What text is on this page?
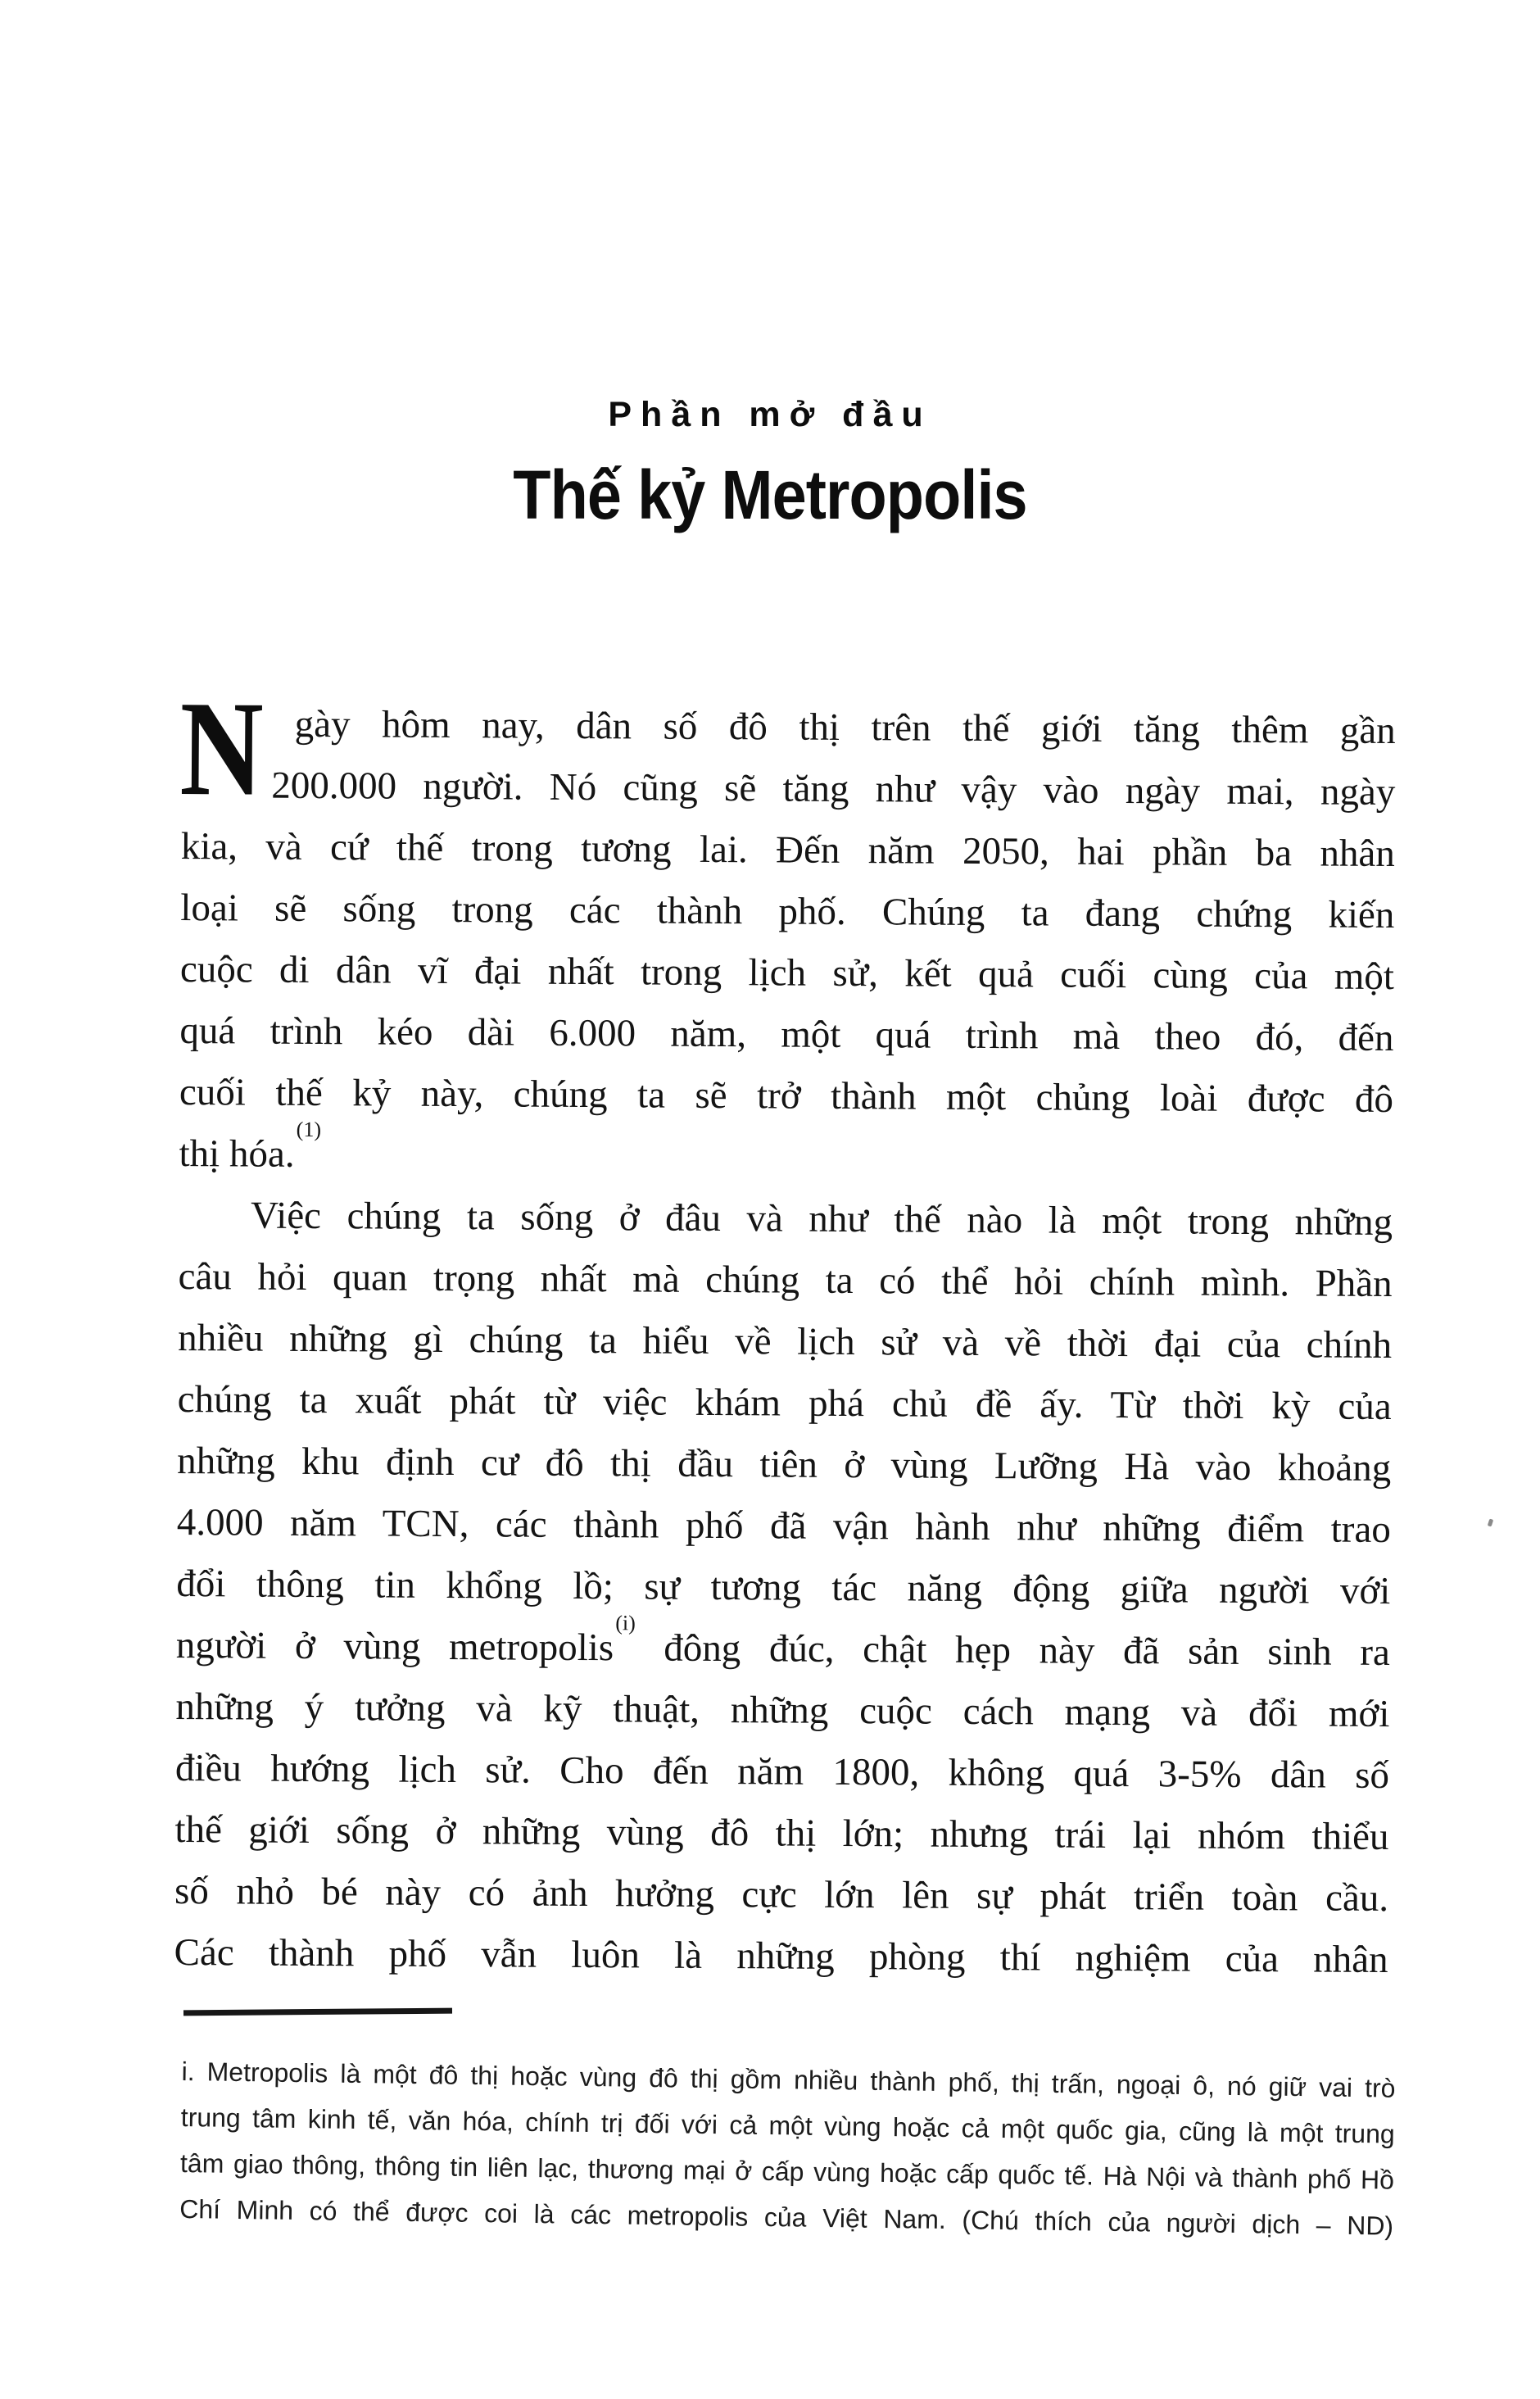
Phần mở đầu
Thế kỷ Metropolis
N gày hôm nay, dân số đô thị trên thế giới tăng thêm gần
200.000 người. Nó cũng sẽ tăng như vậy vào ngày mai, ngày
kia, và cứ thế trong tương lai. Đến năm 2050, hai phần ba nhân
loại sẽ sống trong các thành phố. Chúng ta đang chứng kiến
cuộc di dân vĩ đại nhất trong lịch sử, kết quả cuối cùng của một
quá trình kéo dài 6.000 năm, một quá trình mà theo đó, đến
cuối thế kỷ này, chúng ta sẽ trở thành một chủng loài được đô
thị hóa.$^{(1)}$
Việc chúng ta sống ở đâu và như thế nào là một trong những
câu hỏi quan trọng nhất mà chúng ta có thể hỏi chính mình. Phần
nhiều những gì chúng ta hiểu về lịch sử và về thời đại của chính
chúng ta xuất phát từ việc khám phá chủ đề ấy. Từ thời kỳ của
những khu định cư đô thị đầu tiên ở vùng Lưỡng Hà vào khoảng
4.000 năm TCN, các thành phố đã vận hành như những điểm trao
đổi thông tin khổng lồ; sự tương tác năng động giữa người với
người ở vùng metropolis$^{(i)}$ đông đúc, chật hẹp này đã sản sinh ra
những ý tưởng và kỹ thuật, những cuộc cách mạng và đổi mới
điều hướng lịch sử. Cho đến năm 1800, không quá 3-5% dân số
thế giới sống ở những vùng đô thị lớn; nhưng trái lại nhóm thiểu
số nhỏ bé này có ảnh hưởng cực lớn lên sự phát triển toàn cầu.
Các thành phố vẫn luôn là những phòng thí nghiệm của nhân
i. Metropolis là một đô thị hoặc vùng đô thị gồm nhiều thành phố, thị trấn, ngoại ô, nó giữ vai trò
trung tâm kinh tế, văn hóa, chính trị đối với cả một vùng hoặc cả một quốc gia, cũng là một trung
tâm giao thông, thông tin liên lạc, thương mại ở cấp vùng hoặc cấp quốc tế. Hà Nội và thành phố Hồ
Chí Minh có thể được coi là các metropolis của Việt Nam. (Chú thích của người dịch – ND)
